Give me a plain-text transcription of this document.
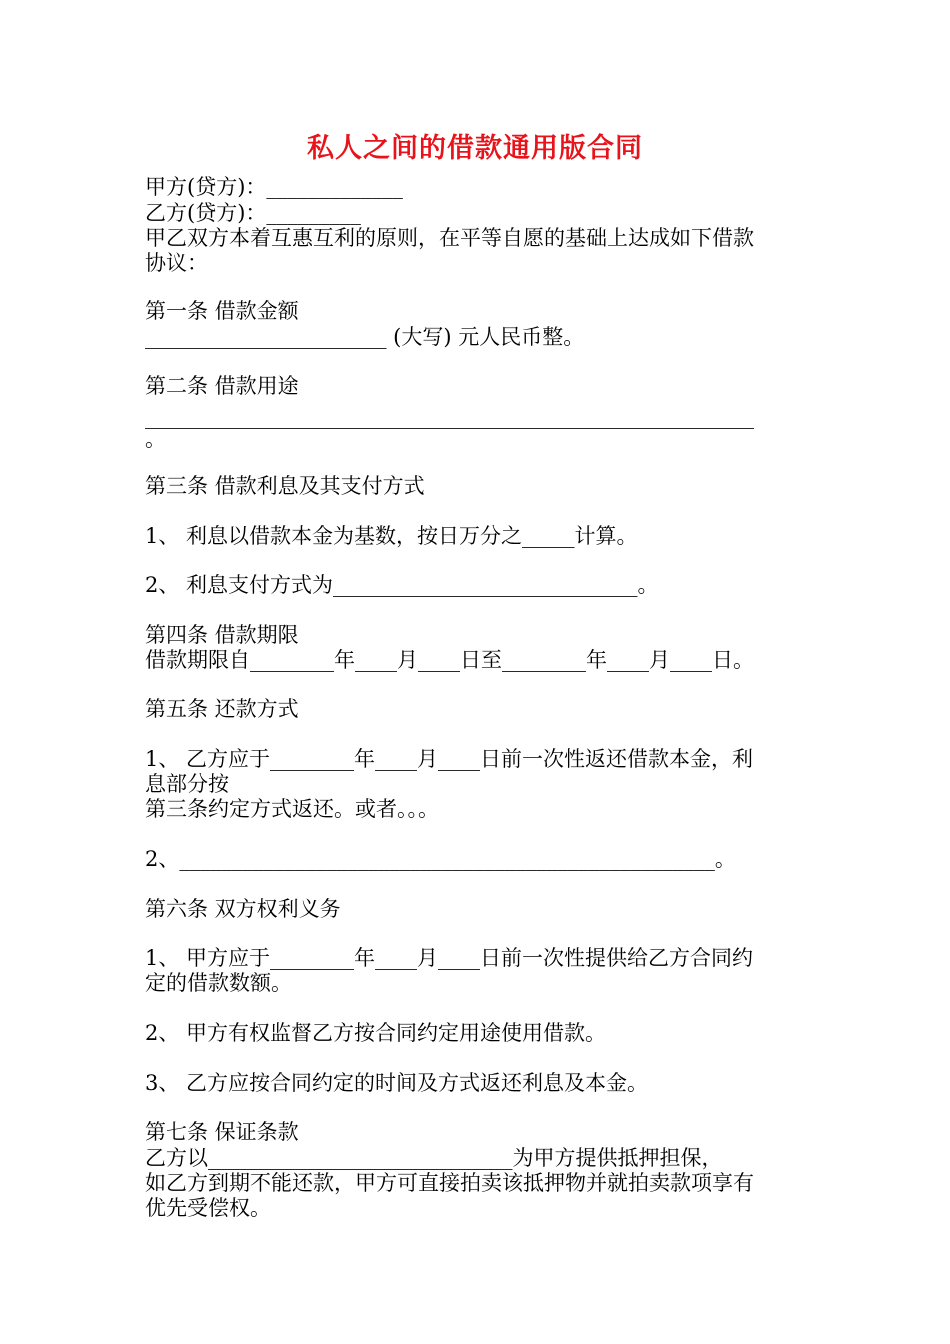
私人之间的借款通用版合同
甲方(贷方)：_____________
乙方(贷方)：_________
甲乙双方本着互惠互利的原则，在平等自愿的基础上达成如下借款
协议：
第一条 借款金额
_______________________ (大写) 元人民币整。
第二条 借款用途
__________________________________________________________
。
第三条 借款利息及其支付方式
1、 利息以借款本金为基数，按日万分之_____计算。
2、 利息支付方式为_____________________________。
第四条 借款期限
借款期限自________年____月____日至________年____月____日。
第五条 还款方式
1、 乙方应于________年____月____日前一次性返还借款本金，利
息部分按
第三条约定方式返还。或者。。。
2、___________________________________________________。
第六条 双方权利义务
1、 甲方应于________年____月____日前一次性提供给乙方合同约
定的借款数额。
2、 甲方有权监督乙方按合同约定用途使用借款。
3、 乙方应按合同约定的时间及方式返还利息及本金。
第七条 保证条款
乙方以_____________________________为甲方提供抵押担保，
如乙方到期不能还款，甲方可直接拍卖该抵押物并就拍卖款项享有
优先受偿权。
